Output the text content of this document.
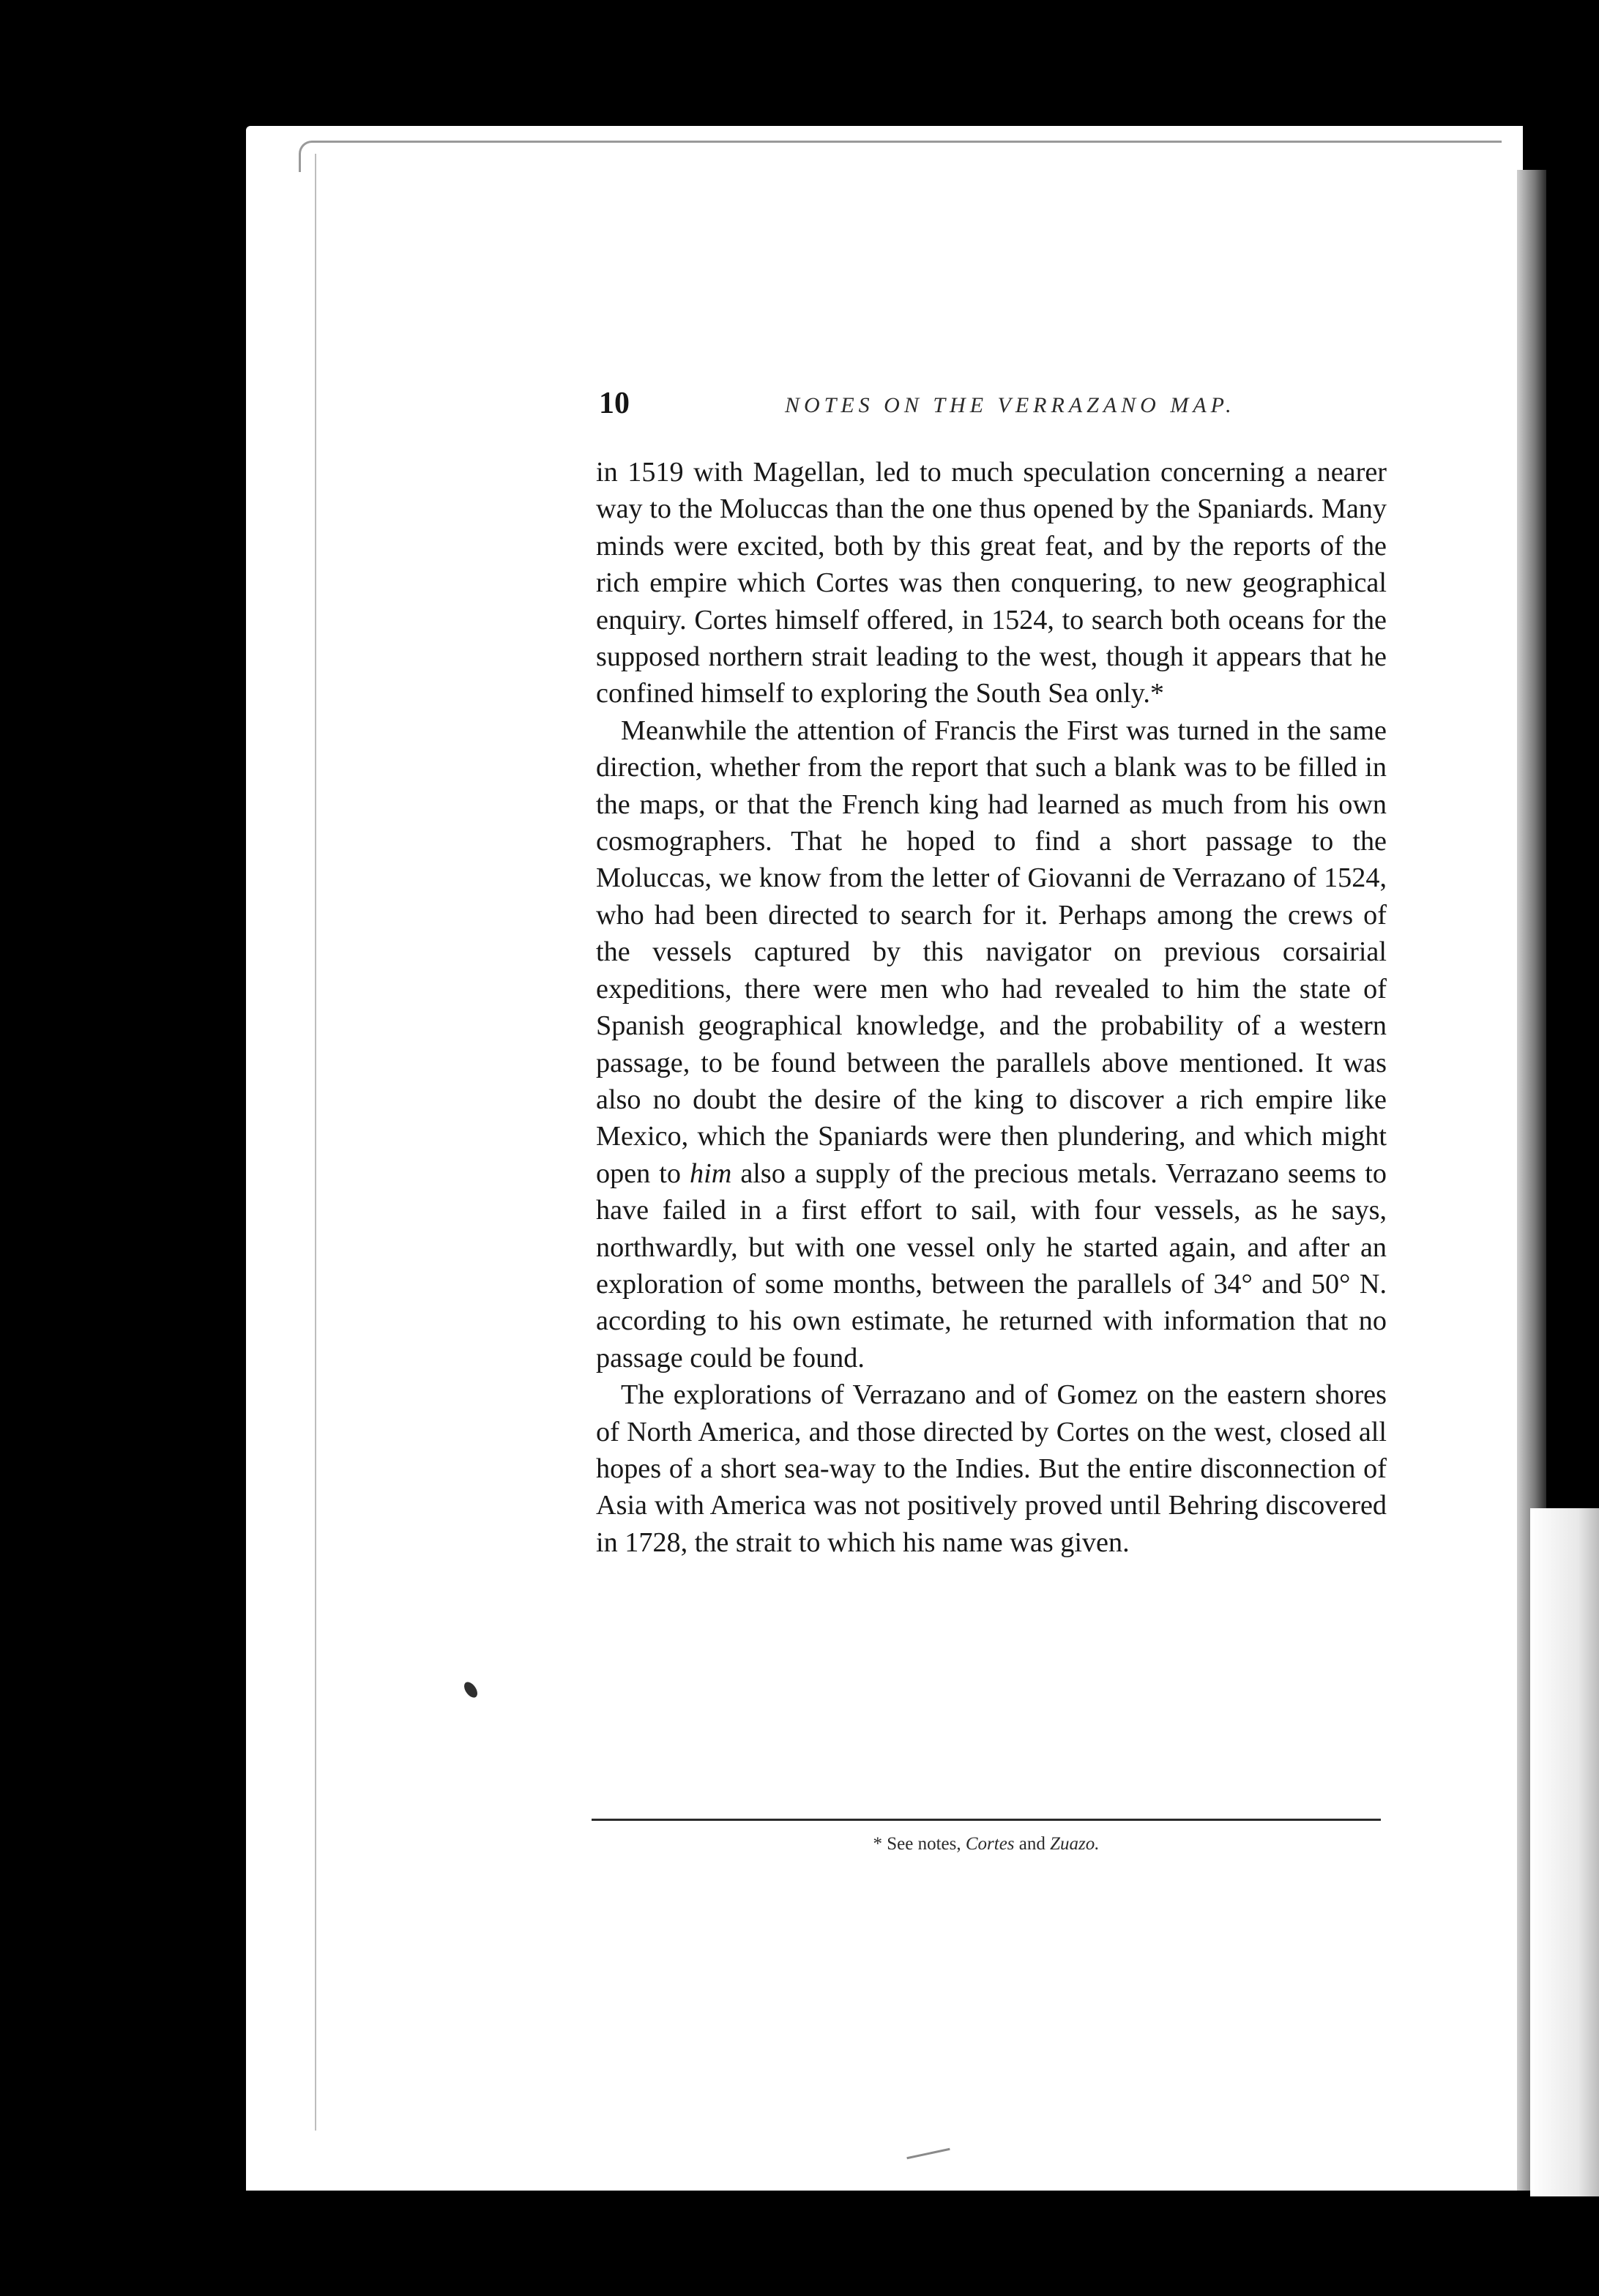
10	NOTES ON THE VERRAZANO MAP.

in 1519 with Magellan, led to much speculation concerning a nearer way to the Moluccas than the one thus opened by the Spaniards. Many minds were excited, both by this great feat, and by the reports of the rich empire which Cortes was then conquering, to new geographical enquiry. Cortes himself offered, in 1524, to search both oceans for the supposed northern strait leading to the west, though it appears that he confined himself to exploring the South Sea only.*

Meanwhile the attention of Francis the First was turned in the same direction, whether from the report that such a blank was to be filled in the maps, or that the French king had learned as much from his own cosmographers. That he hoped to find a short passage to the Moluccas, we know from the letter of Giovanni de Verrazano of 1524, who had been directed to search for it. Perhaps among the crews of the vessels captured by this navigator on previous corsairial expeditions, there were men who had revealed to him the state of Spanish geographical knowledge, and the probability of a western passage, to be found between the parallels above mentioned. It was also no doubt the desire of the king to discover a rich empire like Mexico, which the Spaniards were then plundering, and which might open to him also a supply of the precious metals. Verrazano seems to have failed in a first effort to sail, with four vessels, as he says, northwardly, but with one vessel only he started again, and after an exploration of some months, between the parallels of 34° and 50° N. according to his own estimate, he returned with information that no passage could be found.

The explorations of Verrazano and of Gomez on the eastern shores of North America, and those directed by Cortes on the west, closed all hopes of a short sea-way to the Indies. But the entire disconnection of Asia with America was not positively proved until Behring discovered in 1728, the strait to which his name was given.

* See notes, Cortes and Zuazo.
